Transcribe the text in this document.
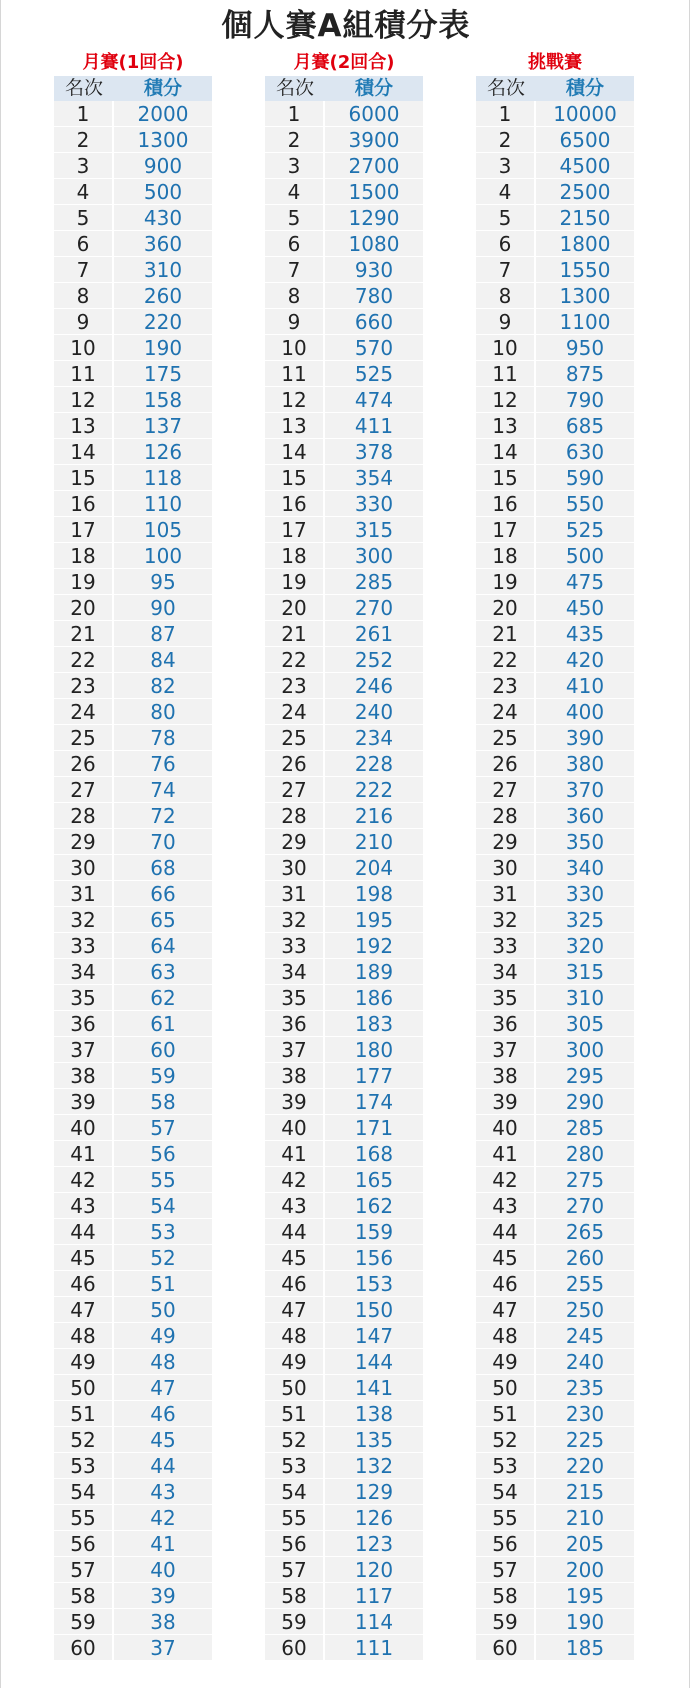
個人賽A組積分表
月賽(1回合)
名次	積分
1	2000
2	1300
3	900
4	500
5	430
6	360
7	310
8	260
9	220
10	190
11	175
12	158
13	137
14	126
15	118
16	110
17	105
18	100
19	95
20	90
21	87
22	84
23	82
24	80
25	78
26	76
27	74
28	72
29	70
30	68
31	66
32	65
33	64
34	63
35	62
36	61
37	60
38	59
39	58
40	57
41	56
42	55
43	54
44	53
45	52
46	51
47	50
48	49
49	48
50	47
51	46
52	45
53	44
54	43
55	42
56	41
57	40
58	39
59	38
60	37
月賽(2回合)
名次	積分
1	6000
2	3900
3	2700
4	1500
5	1290
6	1080
7	930
8	780
9	660
10	570
11	525
12	474
13	411
14	378
15	354
16	330
17	315
18	300
19	285
20	270
21	261
22	252
23	246
24	240
25	234
26	228
27	222
28	216
29	210
30	204
31	198
32	195
33	192
34	189
35	186
36	183
37	180
38	177
39	174
40	171
41	168
42	165
43	162
44	159
45	156
46	153
47	150
48	147
49	144
50	141
51	138
52	135
53	132
54	129
55	126
56	123
57	120
58	117
59	114
60	111
挑戰賽
名次	積分
1	10000
2	6500
3	4500
4	2500
5	2150
6	1800
7	1550
8	1300
9	1100
10	950
11	875
12	790
13	685
14	630
15	590
16	550
17	525
18	500
19	475
20	450
21	435
22	420
23	410
24	400
25	390
26	380
27	370
28	360
29	350
30	340
31	330
32	325
33	320
34	315
35	310
36	305
37	300
38	295
39	290
40	285
41	280
42	275
43	270
44	265
45	260
46	255
47	250
48	245
49	240
50	235
51	230
52	225
53	220
54	215
55	210
56	205
57	200
58	195
59	190
60	185
